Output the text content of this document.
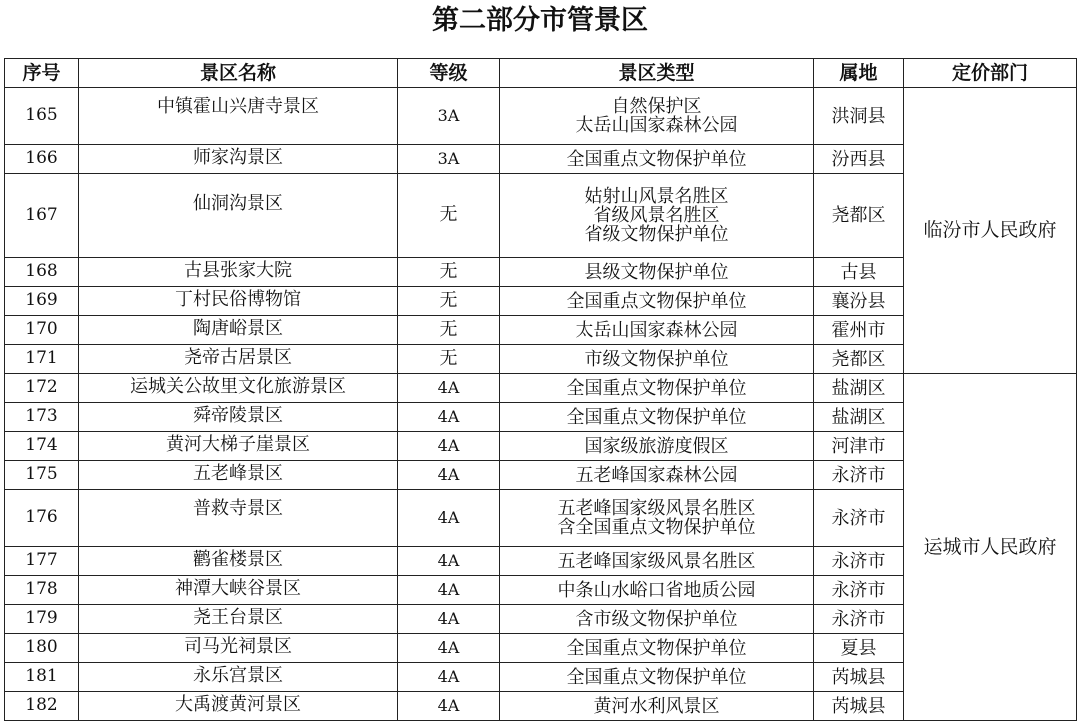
第二部分市管景区
序号	景区名称	等级	景区类型	属地	定价部门
165	中镇霍山兴唐寺景区	3A	自然保护区
太岳山国家森林公园	洪洞县	临汾市人民政府
166	师家沟景区	3A	全国重点文物保护单位	汾西县	
167	仙洞沟景区	无	姑射山风景名胜区
省级风景名胜区
省级文物保护单位	尧都区	
168	古县张家大院	无	县级文物保护单位	古县	
169	丁村民俗博物馆	无	全国重点文物保护单位	襄汾县	
170	陶唐峪景区	无	太岳山国家森林公园	霍州市	
171	尧帝古居景区	无	市级文物保护单位	尧都区	
172	运城关公故里文化旅游景区	4A	全国重点文物保护单位	盐湖区	运城市人民政府
173	舜帝陵景区	4A	全国重点文物保护单位	盐湖区	
174	黄河大梯子崖景区	4A	国家级旅游度假区	河津市	
175	五老峰景区	4A	五老峰国家森林公园	永济市	
176	普救寺景区	4A	五老峰国家级风景名胜区
含全国重点文物保护单位	永济市	
177	鹳雀楼景区	4A	五老峰国家级风景名胜区	永济市	
178	神潭大峡谷景区	4A	中条山水峪口省地质公园	永济市	
179	尧王台景区	4A	含市级文物保护单位	永济市	
180	司马光祠景区	4A	全国重点文物保护单位	夏县	
181	永乐宫景区	4A	全国重点文物保护单位	芮城县	
182	大禹渡黄河景区	4A	黄河水利风景区	芮城县	
